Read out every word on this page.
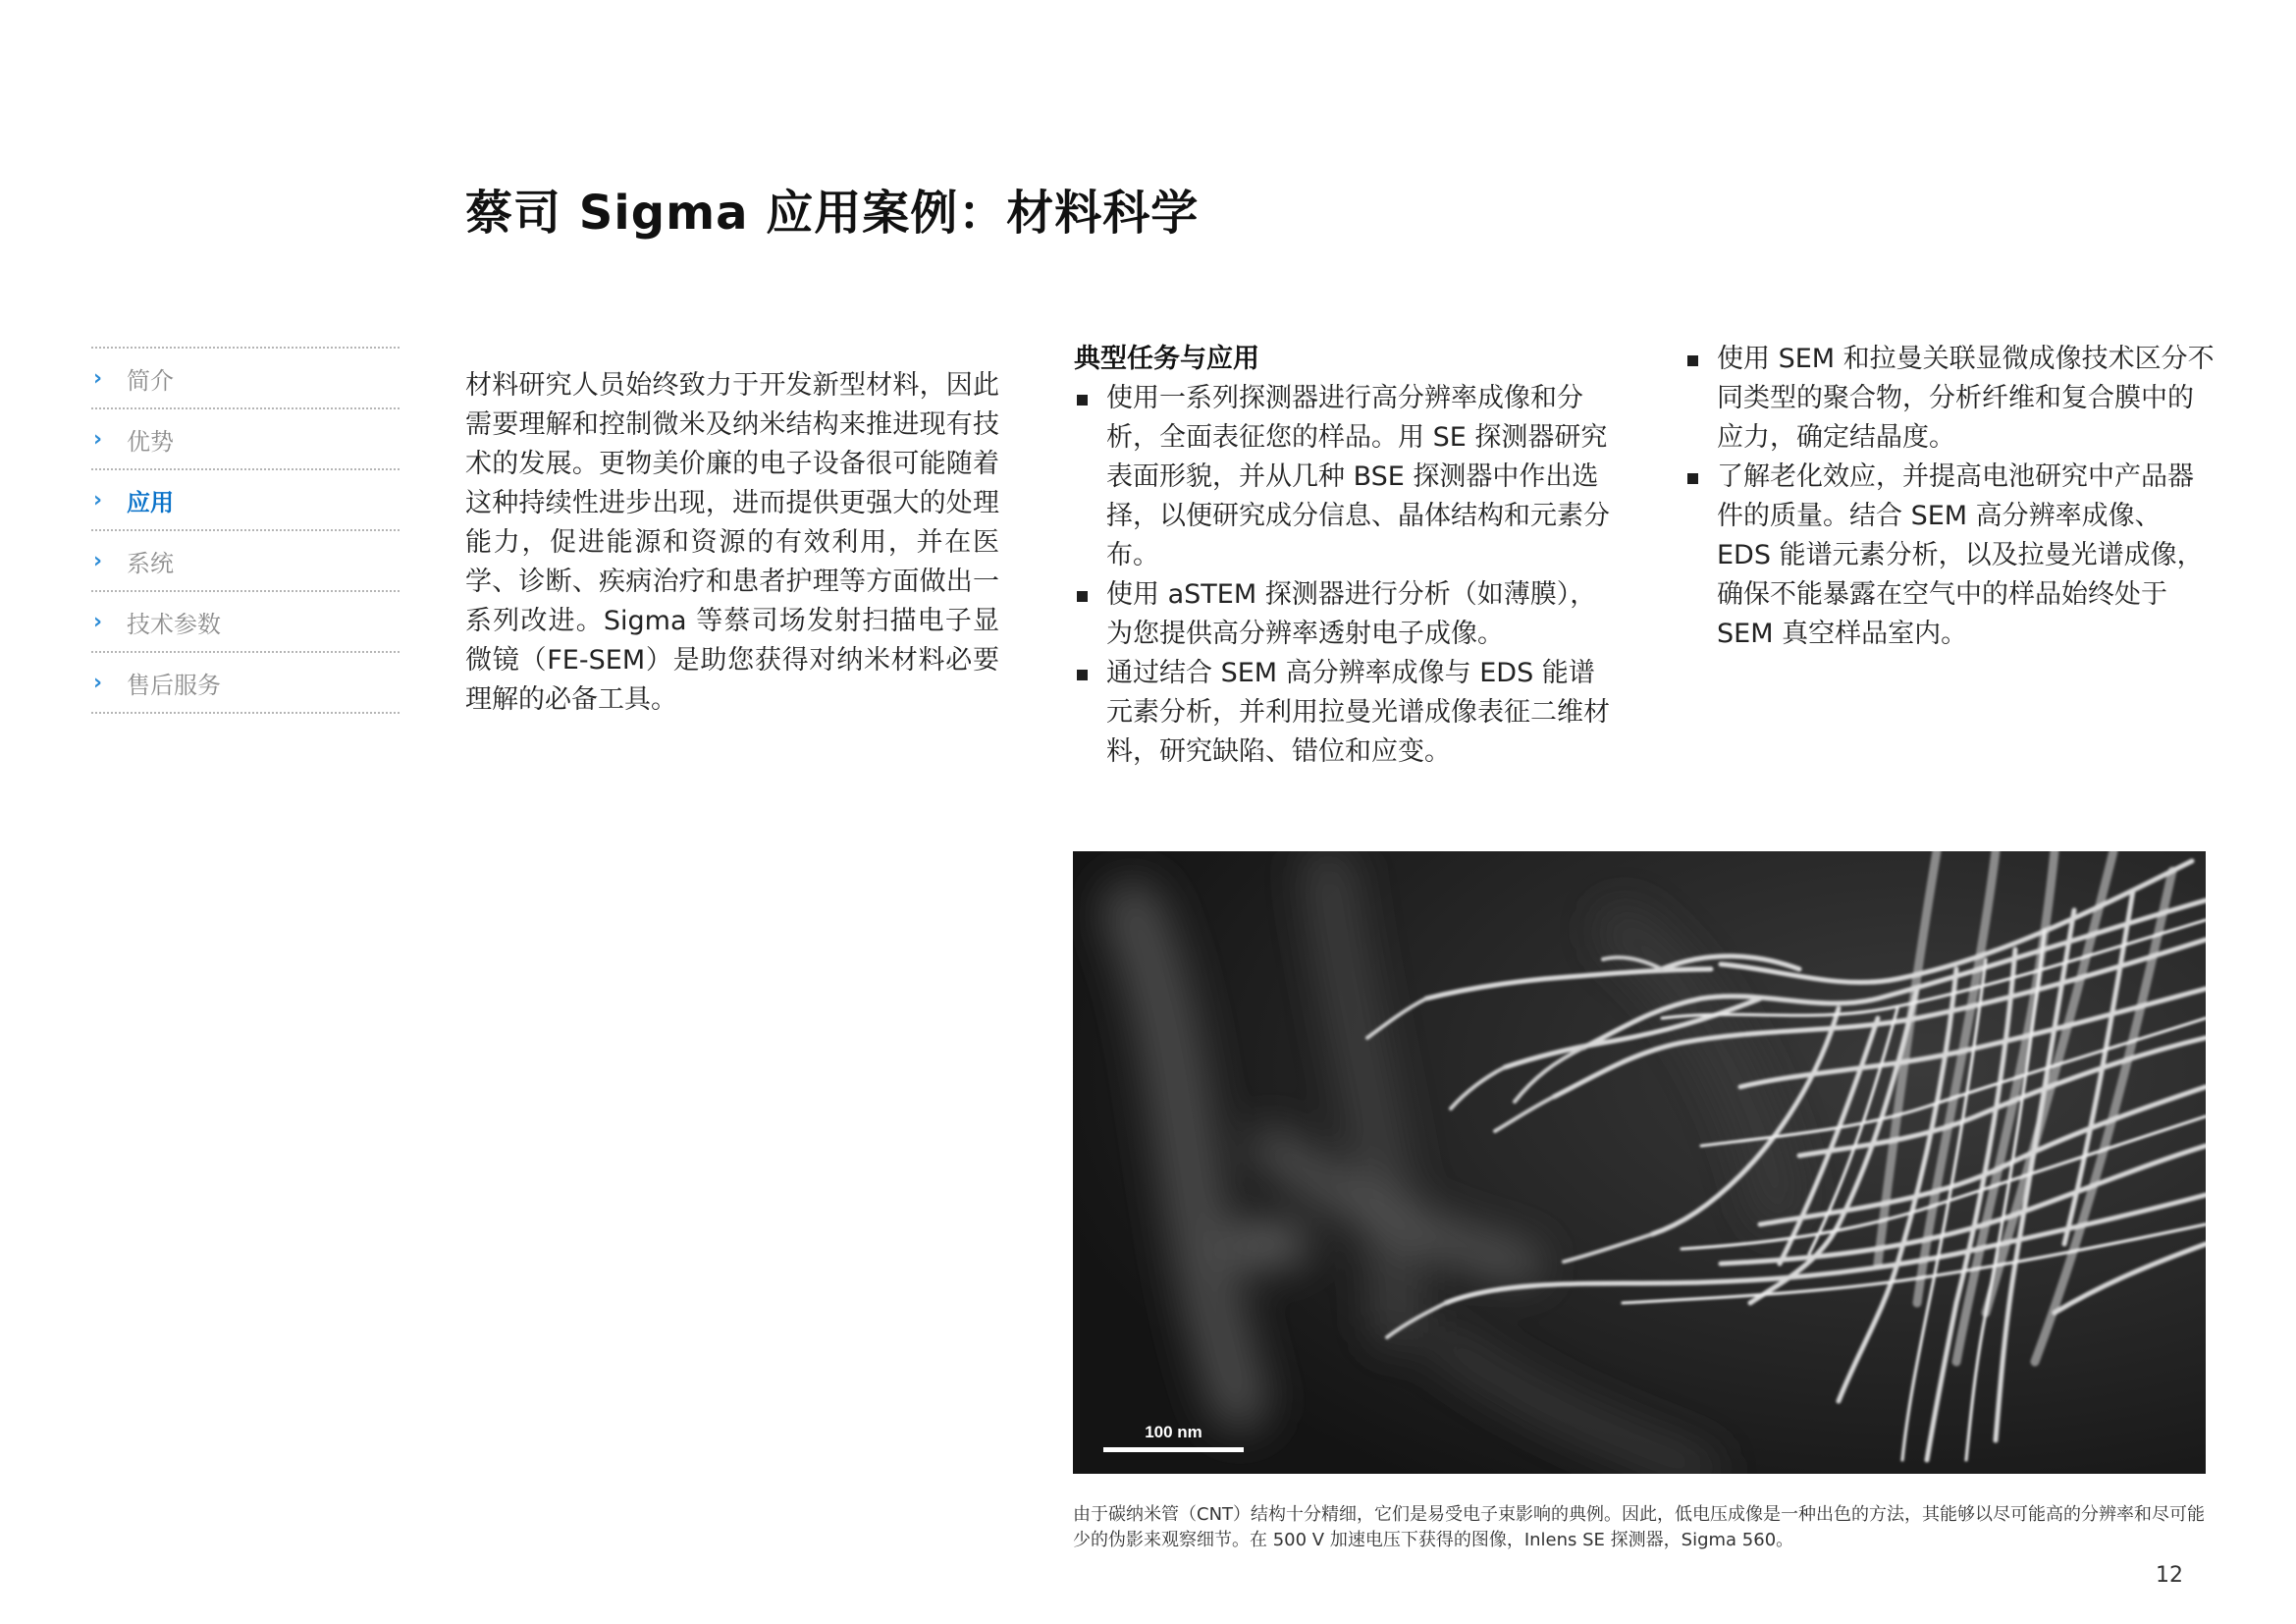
蔡司 Sigma 应用案例：材料科学
›	简介
›	优势
›	应用
›	系统
›	技术参数
›	售后服务

材料研究人员始终致力于开发新型材料，因此需要理解和控制微米及纳米结构来推进现有技术的发展。更物美价廉的电子设备很可能随着这种持续性进步出现，进而提供更强大的处理能力，促进能源和资源的有效利用，并在医学、诊断、疾病治疗和患者护理等方面做出一系列改进。Sigma 等蔡司场发射扫描电子显微镜（FE-SEM）是助您获得对纳米材料必要理解的必备工具。

典型任务与应用
使用一系列探测器进行高分辨率成像和分析，全面表征您的样品。用 SE 探测器研究表面形貌，并从几种 BSE 探测器中作出选择，以便研究成分信息、晶体结构和元素分布。
使用 aSTEM 探测器进行分析（如薄膜），为您提供高分辨率透射电子成像。
通过结合 SEM 高分辨率成像与 EDS 能谱元素分析，并利用拉曼光谱成像表征二维材料，研究缺陷、错位和应变。
使用 SEM 和拉曼关联显微成像技术区分不同类型的聚合物，分析纤维和复合膜中的应力，确定结晶度。
了解老化效应，并提高电池研究中产品器件的质量。结合 SEM 高分辨率成像、EDS 能谱元素分析，以及拉曼光谱成像，确保不能暴露在空气中的样品始终处于 SEM 真空样品室内。
100 nm

由于碳纳米管（CNT）结构十分精细，它们是易受电子束影响的典例。因此，低电压成像是一种出色的方法，其能够以尽可能高的分辨率和尽可能少的伪影来观察细节。在 500 V 加速电压下获得的图像，Inlens SE 探测器，Sigma 560。

12
